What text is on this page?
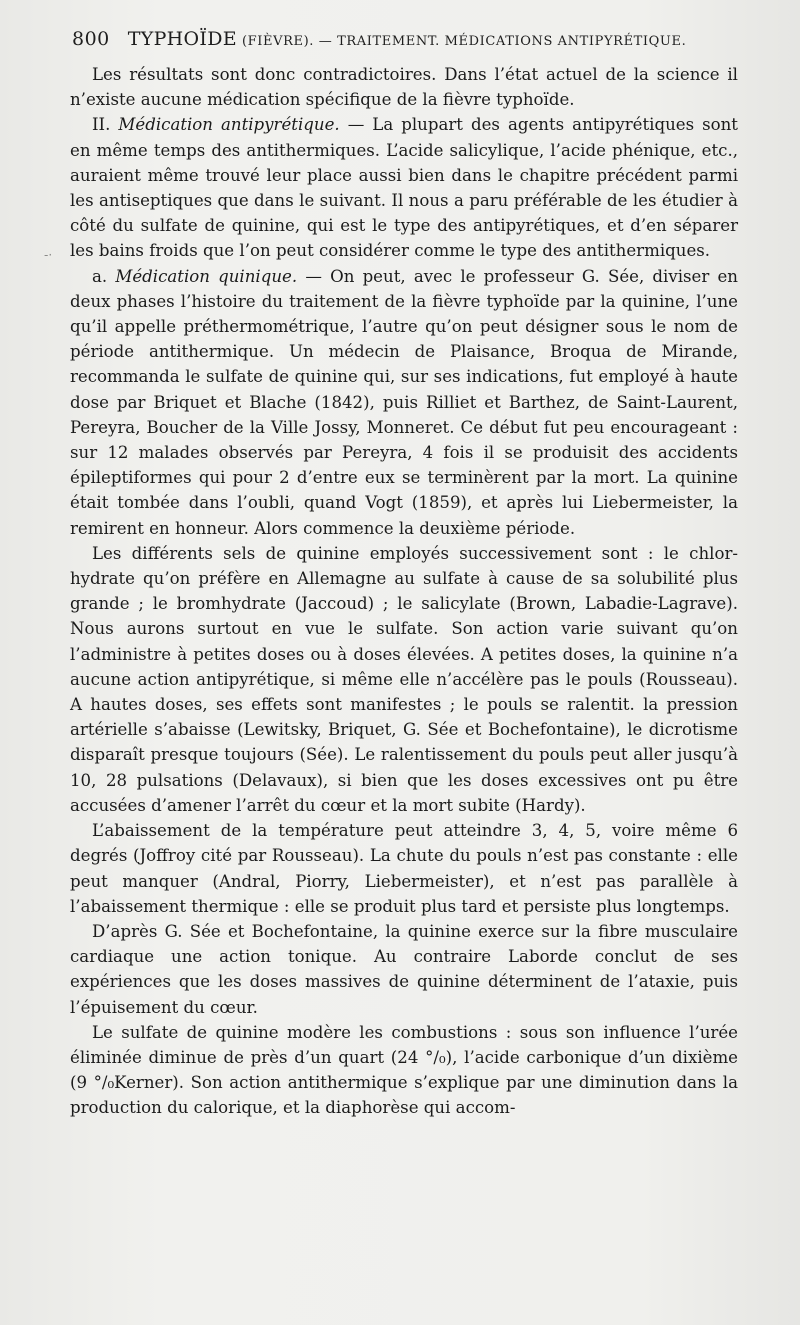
800 TYPHOÏDE (FIÈVRE). — TRAITEMENT. MÉDICATIONS ANTIPYRÉTIQUE.
-·

Les résultats sont donc contradictoires. Dans l’état actuel de la science il n’existe aucune médication spécifique de la fièvre typhoïde.

II. Médication antipyrétique. — La plupart des agents antipyrétiques sont en même temps des antithermiques. L’acide salicylique, l’acide phénique, etc., auraient même trouvé leur place aussi bien dans le chapitre précédent parmi les antiseptiques que dans le suivant. Il nous a paru préférable de les étudier à côté du sulfate de quinine, qui est le type des antipyrétiques, et d’en séparer les bains froids que l’on peut considérer comme le type des antithermiques.

a. Médication quinique. — On peut, avec le professeur G. Sée, diviser en deux phases l’histoire du traitement de la fièvre typhoïde par la quinine, l’une qu’il appelle préthermométrique, l’autre qu’on peut désigner sous le nom de période antithermique. Un médecin de Plaisance, Broqua de Mirande, recommanda le sulfate de quinine qui, sur ses indications, fut employé à haute dose par Briquet et Blache (1842), puis Rilliet et Barthez, de Saint-Laurent, Pereyra, Boucher de la Ville Jossy, Monneret. Ce début fut peu encourageant : sur 12 malades observés par Pereyra, 4 fois il se produisit des accidents épileptiformes qui pour 2 d’entre eux se terminèrent par la mort. La quinine était tombée dans l’oubli, quand Vogt (1859), et après lui Liebermeister, la remirent en honneur. Alors commence la deuxième période.

Les différents sels de quinine employés successivement sont : le chlorhydrate qu’on préfère en Allemagne au sulfate à cause de sa solubilité plus grande ; le bromhydrate (Jaccoud) ; le salicylate (Brown, Labadie-Lagrave). Nous aurons surtout en vue le sulfate. Son action varie suivant qu’on l’administre à petites doses ou à doses élevées. A petites doses, la quinine n’a aucune action antipyrétique, si même elle n’accélère pas le pouls (Rousseau). A hautes doses, ses effets sont manifestes ; le pouls se ralentit. la pression artérielle s’abaisse (Lewitsky, Briquet, G. Sée et Bochefontaine), le dicrotisme disparaît presque toujours (Sée). Le ralentissement du pouls peut aller jusqu’à 10, 28 pulsations (Delavaux), si bien que les doses excessives ont pu être accusées d’amener l’arrêt du cœur et la mort subite (Hardy).

L’abaissement de la température peut atteindre 3, 4, 5, voire même 6 degrés (Joffroy cité par Rousseau). La chute du pouls n’est pas constante : elle peut manquer (Andral, Piorry, Liebermeister), et n’est pas parallèle à l’abaissement thermique : elle se produit plus tard et persiste plus longtemps.

D’après G. Sée et Bochefontaine, la quinine exerce sur la fibre musculaire cardiaque une action tonique. Au contraire Laborde conclut de ses expériences que les doses massives de quinine déterminent de l’ataxie, puis l’épuisement du cœur.

Le sulfate de quinine modère les combustions : sous son influence l’urée éliminée diminue de près d’un quart (24 °/₀), l’acide carbonique d’un dixième (9 °/₀Kerner). Son action antithermique s’explique par une diminution dans la production du calorique, et la diaphorèse qui accom-
